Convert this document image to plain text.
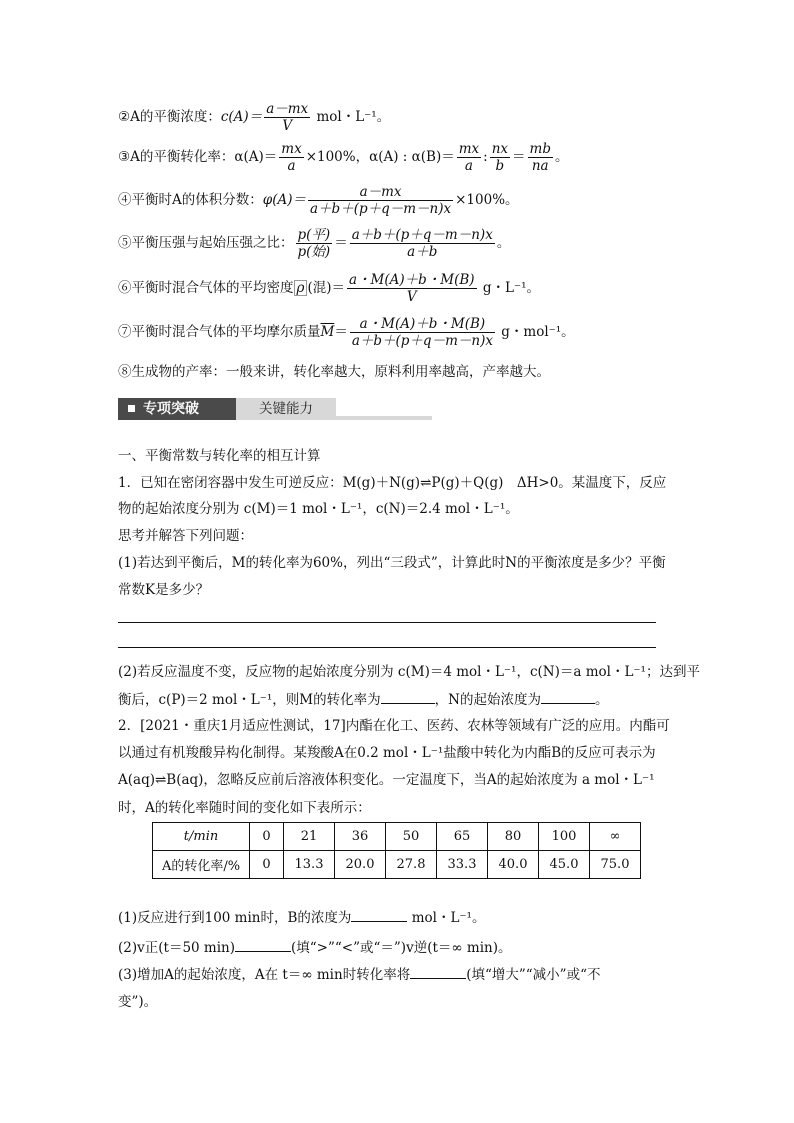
②A的平衡浓度：$c(A)= \frac{a-mx}{V}$ mol・L⁻¹。
③A的平衡转化率：$\alpha(A)= \frac{mx}{a} \times 100\%$，α(A) : $\alpha(B)= \frac{mx}{a}$ : $\frac{nx}{b} = \frac{mb}{na}$ 。
④平衡时A的体积分数：$\varphi(A)= \frac{a-mx}{a+b+(p+q-m-n)x} \times 100\%$。
⑤平衡压强与起始压强之比： $\frac{\text{p(平)}}{\text{p(始)}} = \frac{a+b+(p+q-m-n)x}{a+b}$ 。
⑥平衡时混合气体的平均密度 ρ (混)＝ $\frac{a・M(A)+b・M(B)}{V}$ g・L⁻¹。
⑦平衡时混合气体的平均摩尔质量$\overline{M}= \frac{a・M(A)+b・M(B)}{a+b+(p+q-m-n)x}$ g・mol⁻¹。
⑧生成物的产率：一般来讲，转化率越大，原料利用率越高，产率越大。
专项突破	关键能力
一、平衡常数与转化率的相互计算
1．已知在密闭容器中发生可逆反应：M(g)＋N(g)⇌P(g)＋Q(g)　ΔH>0。某温度下，反应
物的起始浓度分别为 c(M)＝1 mol・L⁻¹，c(N)＝2.4 mol・L⁻¹。
思考并解答下列问题：
(1)若达到平衡后，M的转化率为60%，列出“三段式”，计算此时N的平衡浓度是多少？平衡
常数K是多少？
(2)若反应温度不变，反应物的起始浓度分别为 c(M)＝4 mol・L⁻¹，c(N)＝a mol・L⁻¹；达到平
衡后，c(P)＝2 mol・L⁻¹，则M的转化率为	，N的起始浓度为	。
2．[2021・重庆1月适应性测试，17]内酯在化工、医药、农林等领域有广泛的应用。内酯可
以通过有机羧酸异构化制得。某羧酸A在0.2 mol・L⁻¹盐酸中转化为内酯B的反应可表示为
A(aq)⇌B(aq)，忽略反应前后溶液体积变化。一定温度下，当A的起始浓度为 a mol・L⁻¹
时，A的转化率随时间的变化如下表所示：
t/min	0	21	36	50	65	80	100	∞
A的转化率/%	0	13.3	20.0	27.8	33.3	40.0	45.0	75.0
(1)反应进行到100 min时，B的浓度为	mol・L⁻¹。
(2)v正(t＝50 min)	(填“>”“<”或“＝”)v逆(t＝∞ min)。
(3)增加A的起始浓度，A在 t＝∞ min时转化率将	(填“增大”“减小”或“不
变”)。
